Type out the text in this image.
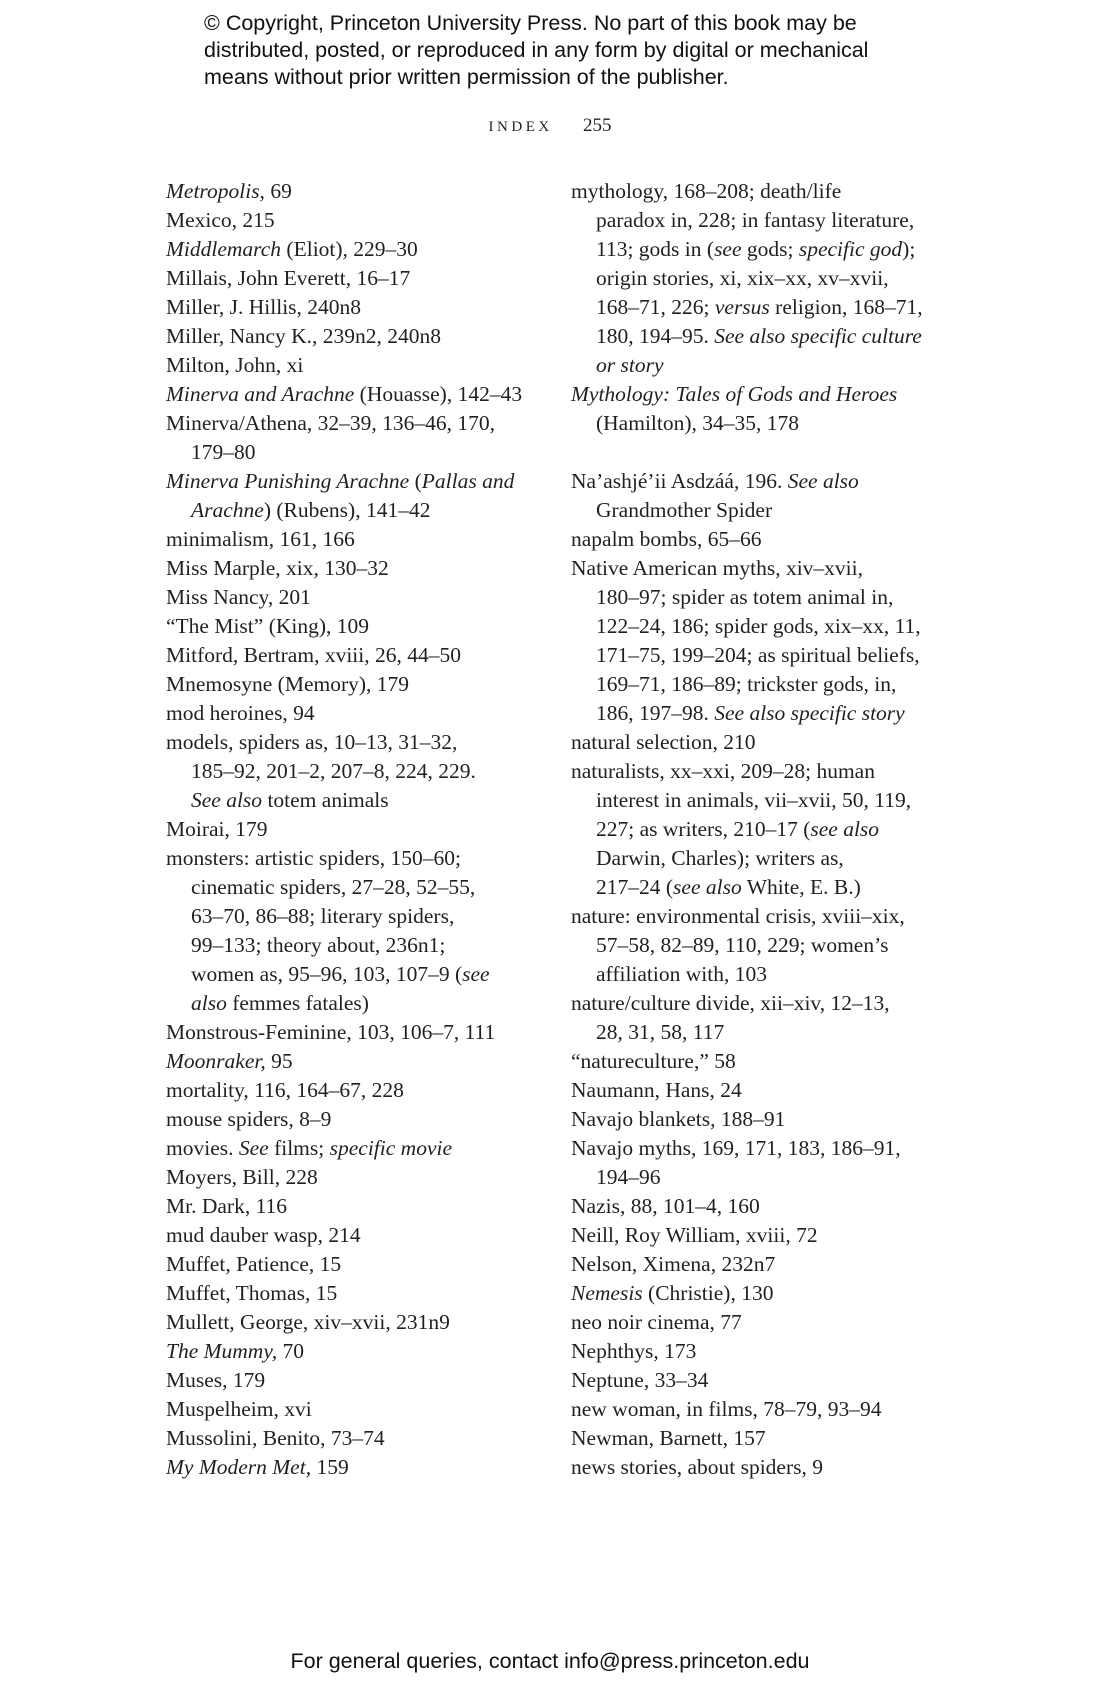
© Copyright, Princeton University Press. No part of this book may be
distributed, posted, or reproduced in any form by digital or mechanical
means without prior written permission of the publisher.
INDEX 255
Metropolis, 69
Mexico, 215
Middlemarch (Eliot), 229–30
Millais, John Everett, 16–17
Miller, J. Hillis, 240n8
Miller, Nancy K., 239n2, 240n8
Milton, John, xi
Minerva and Arachne (Houasse), 142–43
Minerva/Athena, 32–39, 136–46, 170,
179–80
Minerva Punishing Arachne (Pallas and
Arachne) (Rubens), 141–42
minimalism, 161, 166
Miss Marple, xix, 130–32
Miss Nancy, 201
“The Mist” (King), 109
Mitford, Bertram, xviii, 26, 44–50
Mnemosyne (Memory), 179
mod heroines, 94
models, spiders as, 10–13, 31–32,
185–92, 201–2, 207–8, 224, 229.
See also totem animals
Moirai, 179
monsters: artistic spiders, 150–60;
cinematic spiders, 27–28, 52–55,
63–70, 86–88; literary spiders,
99–133; theory about, 236n1;
women as, 95–96, 103, 107–9 (see
also femmes fatales)
Monstrous-Feminine, 103, 106–7, 111
Moonraker, 95
mortality, 116, 164–67, 228
mouse spiders, 8–9
movies. See films; specific movie
Moyers, Bill, 228
Mr. Dark, 116
mud dauber wasp, 214
Muffet, Patience, 15
Muffet, Thomas, 15
Mullett, George, xiv–xvii, 231n9
The Mummy, 70
Muses, 179
Muspelheim, xvi
Mussolini, Benito, 73–74
My Modern Met, 159
mythology, 168–208; death/life
paradox in, 228; in fantasy literature,
113; gods in (see gods; specific god);
origin stories, xi, xix–xx, xv–xvii,
168–71, 226; versus religion, 168–71,
180, 194–95. See also specific culture
or story
Mythology: Tales of Gods and Heroes
(Hamilton), 34–35, 178
Na’ashjé’ii Asdzáá, 196. See also
Grandmother Spider
napalm bombs, 65–66
Native American myths, xiv–xvii,
180–97; spider as totem animal in,
122–24, 186; spider gods, xix–xx, 11,
171–75, 199–204; as spiritual beliefs,
169–71, 186–89; trickster gods, in,
186, 197–98. See also specific story
natural selection, 210
naturalists, xx–xxi, 209–28; human
interest in animals, vii–xvii, 50, 119,
227; as writers, 210–17 (see also
Darwin, Charles); writers as,
217–24 (see also White, E. B.)
nature: environmental crisis, xviii–xix,
57–58, 82–89, 110, 229; women’s
affiliation with, 103
nature/culture divide, xii–xiv, 12–13,
28, 31, 58, 117
“natureculture,” 58
Naumann, Hans, 24
Navajo blankets, 188–91
Navajo myths, 169, 171, 183, 186–91,
194–96
Nazis, 88, 101–4, 160
Neill, Roy William, xviii, 72
Nelson, Ximena, 232n7
Nemesis (Christie), 130
neo noir cinema, 77
Nephthys, 173
Neptune, 33–34
new woman, in films, 78–79, 93–94
Newman, Barnett, 157
news stories, about spiders, 9
For general queries, contact info@press.princeton.edu
